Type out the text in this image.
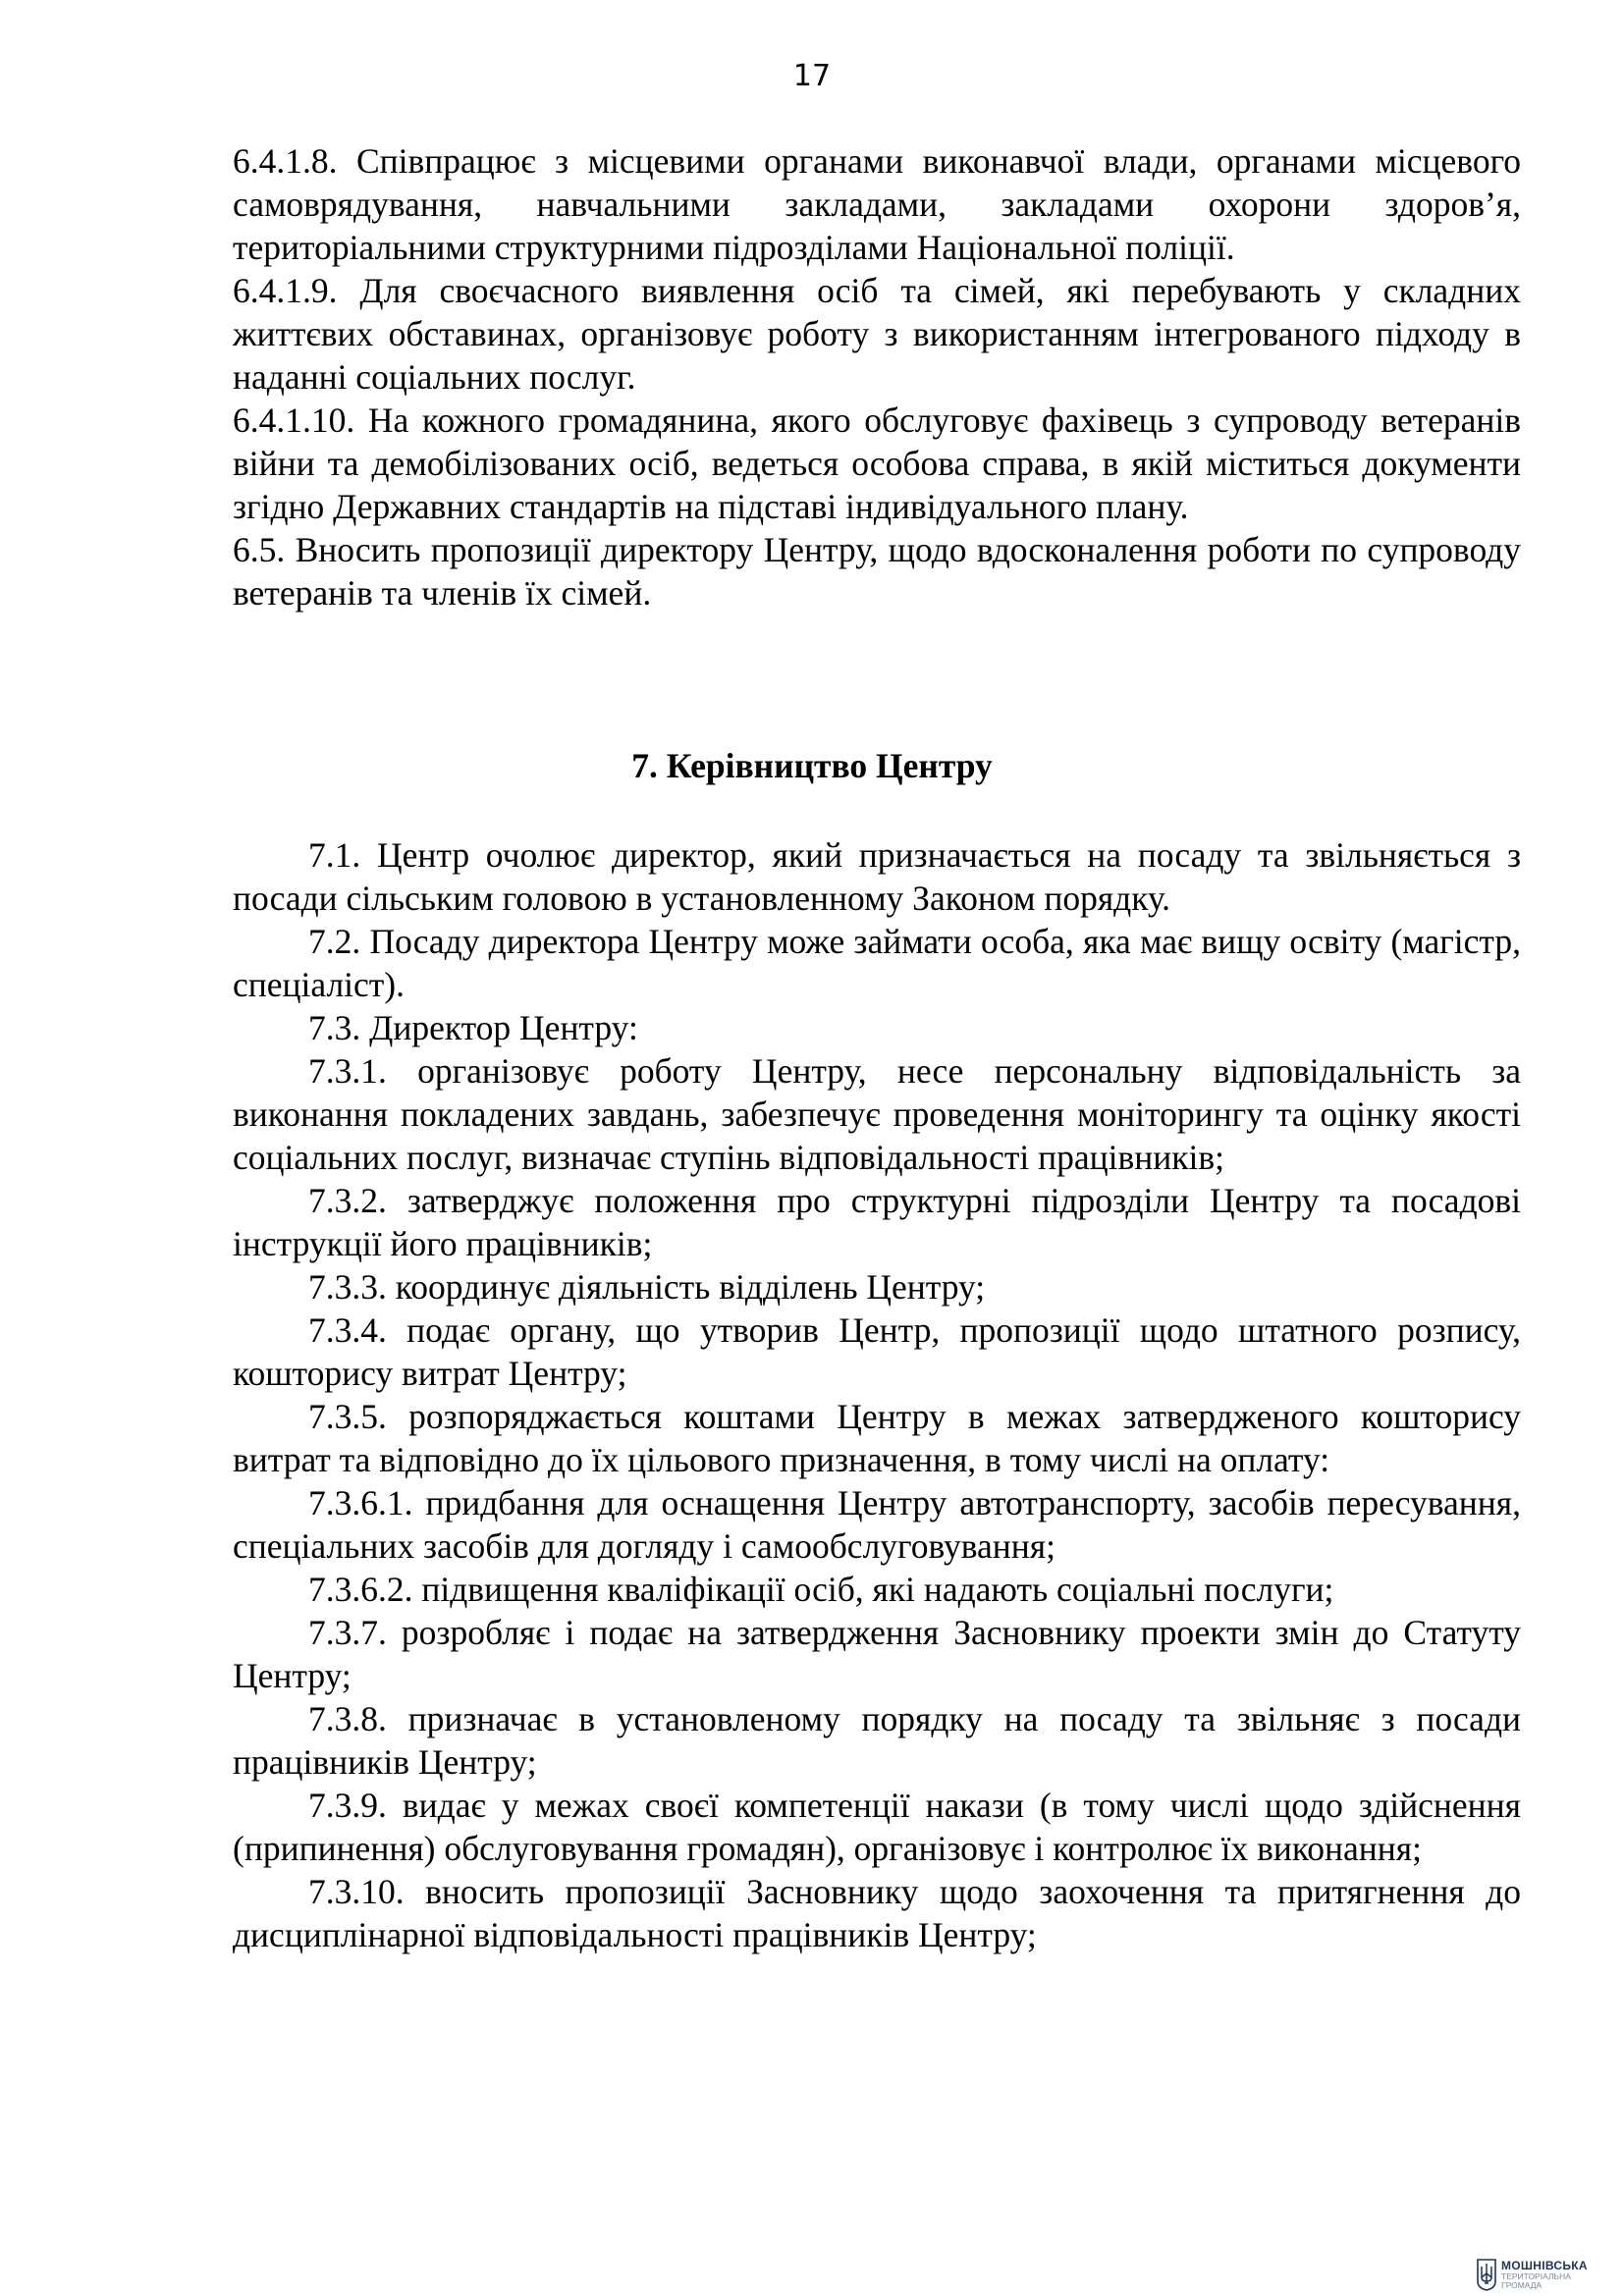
17

6.4.1.8. Співпрацює з місцевими органами виконавчої влади, органами місцевого самоврядування, навчальними закладами, закладами охорони здоров’я, територіальними структурними підрозділами Національної поліції.

6.4.1.9. Для своєчасного виявлення осіб та сімей, які перебувають у складних життєвих обставинах, організовує роботу з використанням інтегрованого підходу в наданні соціальних послуг.

6.4.1.10. На кожного громадянина, якого обслуговує фахівець з супроводу ветеранів війни та демобілізованих осіб, ведеться особова справа, в якій міститься документи згідно Державних стандартів на підставі індивідуального плану.

6.5. Вносить пропозиції директору Центру, щодо вдосконалення роботи по супроводу ветеранів та членів їх сімей.

7. Керівництво Центру

7.1. Центр очолює директор, який призначається на посаду та звільняється з посади сільським головою в установленному Законом порядку.

7.2. Посаду директора Центру може займати особа, яка має вищу освіту (магістр, спеціаліст).

7.3. Директор Центру:

7.3.1. організовує роботу Центру, несе персональну відповідальність за виконання покладених завдань, забезпечує проведення моніторингу та оцінку якості соціальних послуг, визначає ступінь відповідальності працівників;

7.3.2. затверджує положення про структурні підрозділи Центру та посадові інструкції його працівників;

7.3.3. координує діяльність відділень Центру;

7.3.4. подає органу, що утворив Центр, пропозиції щодо штатного розпису, кошторису витрат Центру;

7.3.5. розпоряджається коштами Центру в межах затвердженого кошторису витрат та відповідно до їх цільового призначення, в тому числі на оплату:

7.3.6.1. придбання для оснащення Центру автотранспорту, засобів пересування, спеціальних засобів для догляду і самообслуговування;

7.3.6.2. підвищення кваліфікації осіб, які надають соціальні послуги;

7.3.7. розробляє і подає на затвердження Засновнику проекти змін до Статуту Центру;

7.3.8. призначає в установленому порядку на посаду та звільняє з посади працівників Центру;

7.3.9. видає у межах своєї компетенції накази (в тому числі щодо здійснення (припинення) обслуговування громадян), організовує і контролює їх виконання;

7.3.10. вносить пропозиції Засновнику щодо заохочення та притягнення до дисциплінарної відповідальності працівників Центру;

МОШНІВСЬКА
ТЕРИТОРІАЛЬНА
ГРОМАДА
